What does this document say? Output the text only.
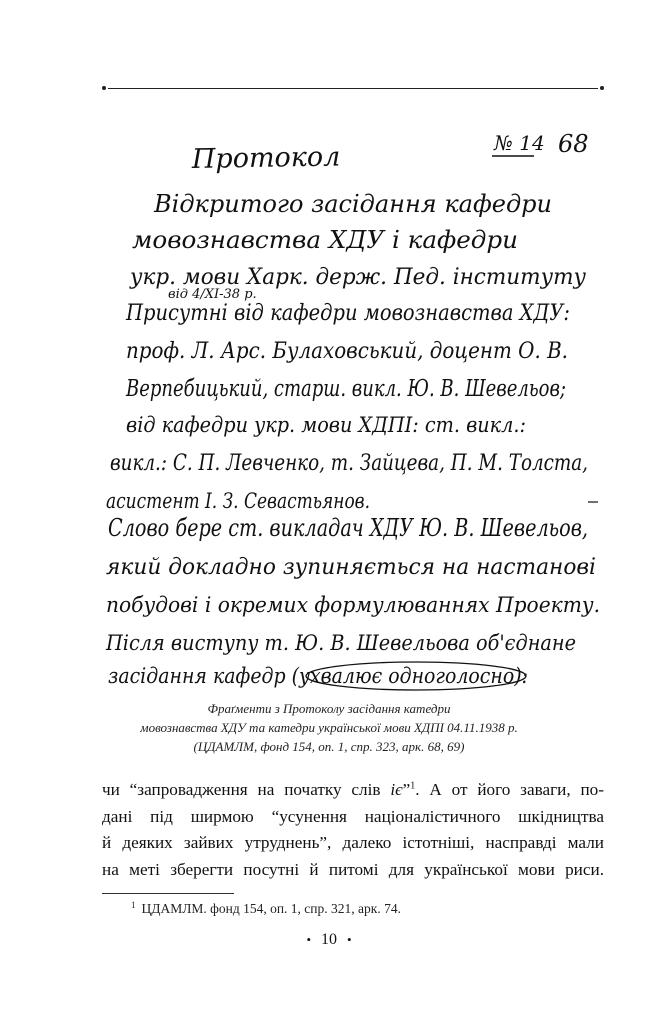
№ 14 68
Протокол
Відкритого засідання кафедри
мовознавства ХДУ і кафедри
укр. мови Харк. держ. Пед. інституту
від 4/XI-38 р.
Присутні від кафедри мовознавства ХДУ:
проф. Л. Арс. Булаховський, доцент О. В.
Верпебицький, старш. викл. Ю. В. Шевельов;
від кафедри укр. мови ХДПІ: ст. викл.:
викл.: С. П. Левченко, т. Зайцева, П. М. Толста,
асистент І. З. Севастьянов.
Слово бере ст. викладач ХДУ Ю. В. Шевельов,
який докладно зупиняється на настанові
побудові і окремих формулюваннях Проекту.
Після виступу т. Ю. В. Шевельова об'єднане
засідання кафедр (ухвалює одноголосно):
Фраґменти з Протоколу засідання катедри
мовознавства ХДУ та катедри української мови ХДПІ 04.11.1938 р.
(ЦДАМЛМ, фонд 154, оп. 1, спр. 323, арк. 68, 69)
чи “запровадження на початку слів іє”$^1$. А от його заваги, по-
дані під ширмою “усунення націоналістичного шкідництва
й деяких зайвих утруднень”, далеко істотніші, насправді мали
на меті зберегти посутні й питомі для української мови риси.
$^1$ ЦДАМЛМ. фонд 154, оп. 1, спр. 321, арк. 74.
• 10 •
